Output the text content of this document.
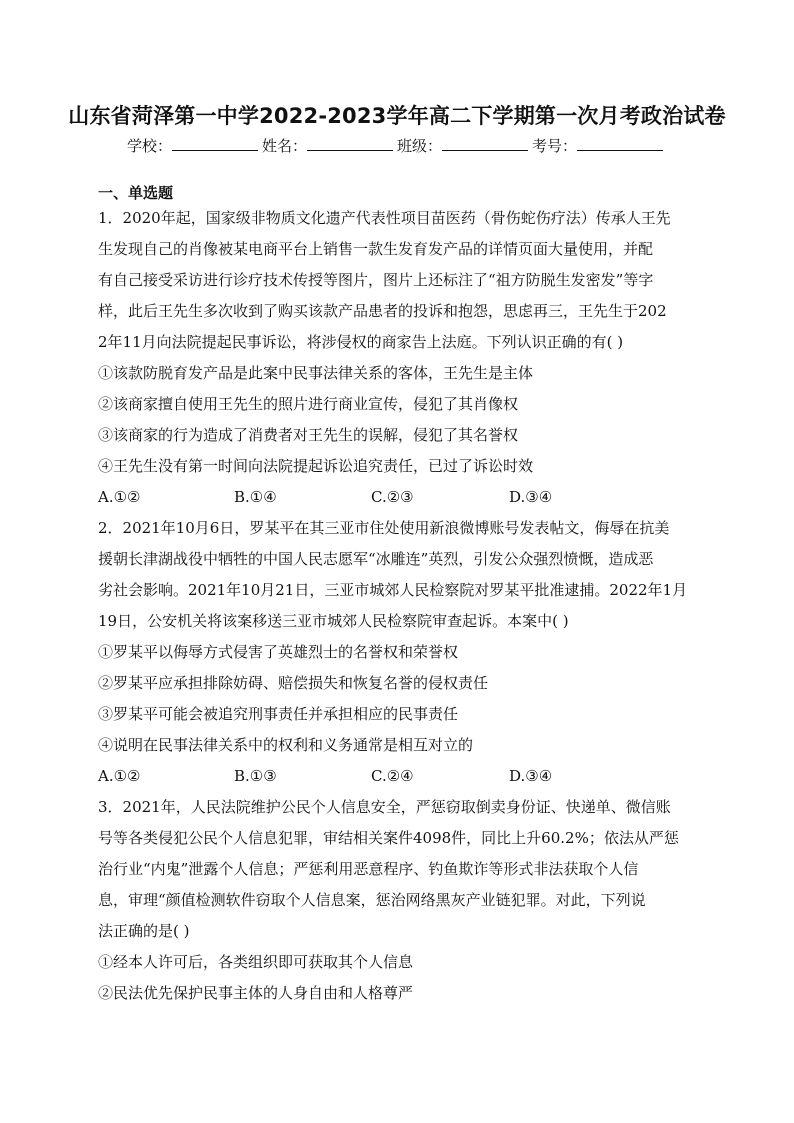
山东省菏泽第一中学2022-2023学年高二下学期第一次月考政治试卷
学校：	姓名：	班级：	考号：
一、单选题
1．2020年起，国家级非物质文化遗产代表性项目苗医药（骨伤蛇伤疗法）传承人王先
生发现自己的肖像被某电商平台上销售一款生发育发产品的详情页面大量使用，并配
有自己接受采访进行诊疗技术传授等图片，图片上还标注了“祖方防脱生发密发”等字
样，此后王先生多次收到了购买该款产品患者的投诉和抱怨，思虑再三，王先生于202
2年11月向法院提起民事诉讼，将涉侵权的商家告上法庭。下列认识正确的有( )
①该款防脱育发产品是此案中民事法律关系的客体，王先生是主体
②该商家擅自使用王先生的照片进行商业宣传，侵犯了其肖像权
③该商家的行为造成了消费者对王先生的误解，侵犯了其名誉权
④王先生没有第一时间向法院提起诉讼追究责任，已过了诉讼时效
A.①②	B.①④	C.②③	D.③④
2．2021年10月6日，罗某平在其三亚市住处使用新浪微博账号发表帖文，侮辱在抗美
援朝长津湖战役中牺牲的中国人民志愿军“冰雕连”英烈，引发公众强烈愤慨，造成恶
劣社会影响。2021年10月21日，三亚市城郊人民检察院对罗某平批准逮捕。2022年1月
19日，公安机关将该案移送三亚市城郊人民检察院审查起诉。本案中( )
①罗某平以侮辱方式侵害了英雄烈士的名誉权和荣誉权
②罗某平应承担排除妨碍、赔偿损失和恢复名誉的侵权责任
③罗某平可能会被追究刑事责任并承担相应的民事责任
④说明在民事法律关系中的权利和义务通常是相互对立的
A.①②	B.①③	C.②④	D.③④
3．2021年，人民法院维护公民个人信息安全，严惩窃取倒卖身份证、快递单、微信账
号等各类侵犯公民个人信息犯罪，审结相关案件4098件，同比上升60.2%；依法从严惩
治行业“内鬼”泄露个人信息；严惩利用恶意程序、钓鱼欺诈等形式非法获取个人信
息，审理“颜值检测软件窃取个人信息案，惩治网络黑灰产业链犯罪。对此，下列说
法正确的是( )
①经本人许可后，各类组织即可获取其个人信息
②民法优先保护民事主体的人身自由和人格尊严
